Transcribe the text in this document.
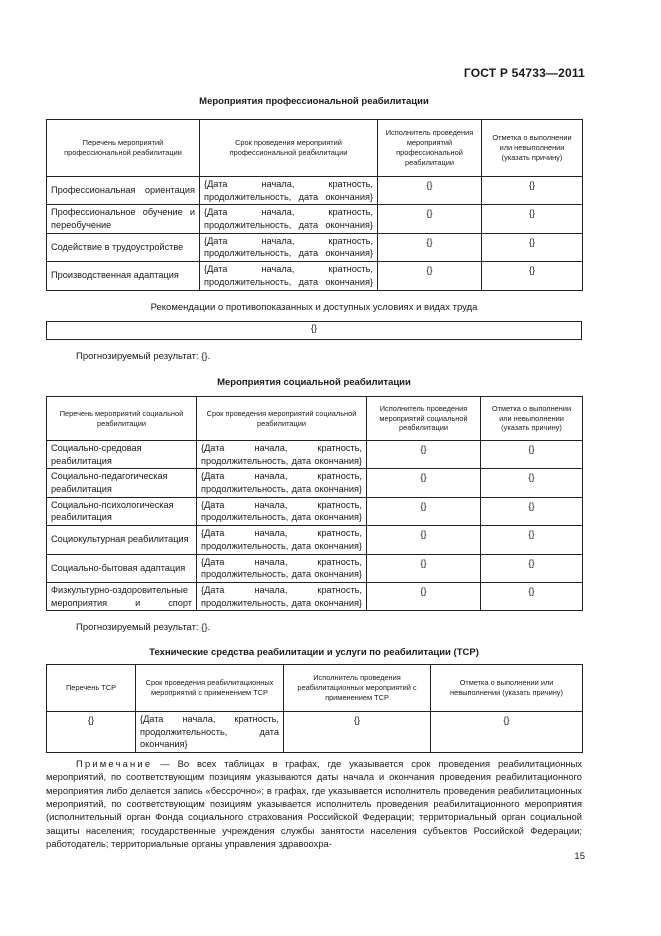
ГОСТ Р 54733—2011
Мероприятия профессиональной реабилитации
Перечень мероприятий профессиональной реабилитации	Срок проведения мероприятий профессиональной реабилитации	Исполнитель проведения мероприятий профессиональной реабилитации	Отметка о выполнении или невыполнении (указать причину)
Профессиональная ориентация	{Дата начала, кратность, продолжительность, дата окончания}	{}	{}
Профессиональное обучение и переобучение	{Дата начала, кратность, продолжительность, дата окончания}	{}	{}
Содействие в трудоустройстве	{Дата начала, кратность, продолжительность, дата окончания}	{}	{}
Производственная адаптация	{Дата начала, кратность, продолжительность, дата окончания}	{}	{}
Рекомендации о противопоказанных и доступных условиях и видах труда
{}
Прогнозируемый результат: {}.
Мероприятия социальной реабилитации
Перечень мероприятий социальной реабилитации	Срок проведения мероприятий социальной реабилитации	Исполнитель проведения мероприятий социальной реабилитации	Отметка о выполнении или невыполнении (указать причину)
Социально-средовая реабилитация	{Дата начала, кратность, продолжительность, дата окончания}	{}	{}
Социально-педагогическая реабилитация	{Дата начала, кратность, продолжительность, дата окончания}	{}	{}
Социально-психологическая реабилитация	{Дата начала, кратность, продолжительность, дата окончания}	{}	{}
Социокультурная реабилитация	{Дата начала, кратность, продолжительность, дата окончания}	{}	{}
Социально-бытовая адаптация	{Дата начала, кратность, продолжительность, дата окончания}	{}	{}
Физкультурно-оздоровительные мероприятия и спорт	{Дата начала, кратность, продолжительность, дата окончания}	{}	{}
Прогнозируемый результат: {}.
Технические средства реабилитации и услуги по реабилитации (ТСР)
Перечень ТСР	Срок проведения реабилитационных мероприятий с применением ТСР	Исполнитель проведения реабилитационных мероприятий с применением ТСР	Отметка о выполнении или невыполнении (указать причину)
{}	{Дата начала, кратность, продолжительность, дата окончания}	{}	{}
Примечание — Во всех таблицах в графах, где указывается срок проведения реабилитационных мероприятий, по соответствующим позициям указываются даты начала и окончания проведения реабилитационного мероприятия либо делается запись «бессрочно»; в графах, где указывается исполнитель проведения реабилитационных мероприятий, по соответствующим позициям указывается исполнитель проведения реабилитационного мероприятия (исполнительный орган Фонда социального страхования Российской Федерации; территориальный орган социальной защиты населения; государственные учреждения службы занятости населения субъектов Российской Федерации; работодатель; территориальные органы управления здравоохра-
15
